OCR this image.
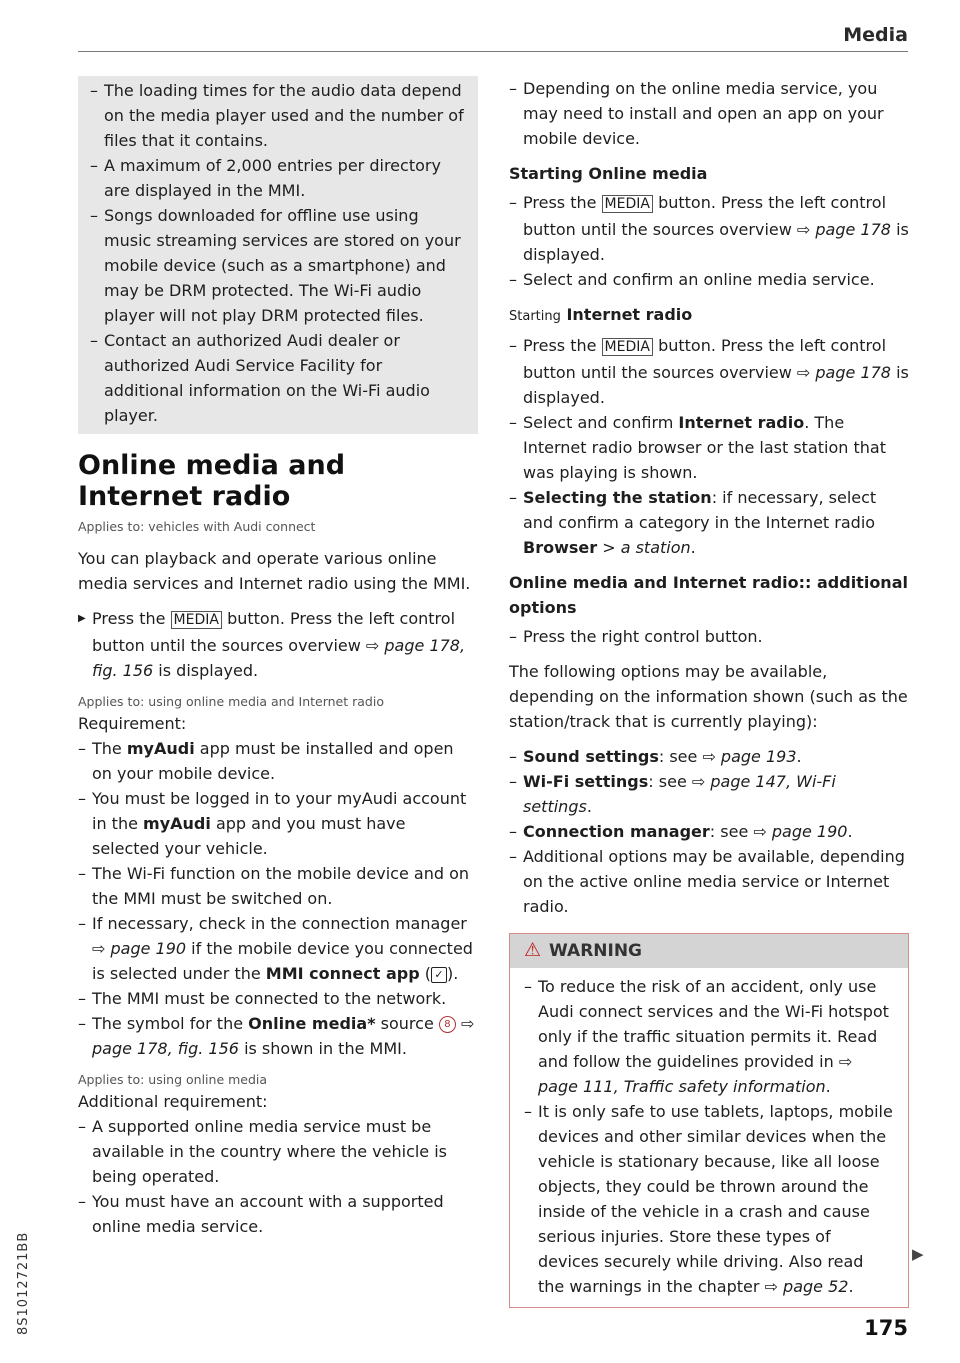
Media
8S1012721BB
– The loading times for the audio data depend on the media player used and the number of files that it contains.
– A maximum of 2,000 entries per directory are displayed in the MMI.
– Songs downloaded for offline use using music streaming services are stored on your mobile device (such as a smartphone) and may be DRM protected. The Wi-Fi audio player will not play DRM protected files.
– Contact an authorized Audi dealer or authorized Audi Service Facility for additional information on the Wi-Fi audio player.
Online media and
Internet radio
Applies to: vehicles with Audi connect

You can playback and operate various online media services and Internet radio using the MMI.

▶ Press the MEDIA button. Press the left control button until the sources overview ⇨ page 178, fig. 156 is displayed.

Applies to: using online media and Internet radio
Requirement:
– The myAudi app must be installed and open on your mobile device.
– You must be logged in to your myAudi account in the myAudi app and you must have selected your vehicle.
– The Wi-Fi function on the mobile device and on the MMI must be switched on.
– If necessary, check in the connection manager ⇨ page 190 if the mobile device you connected is selected under the MMI connect app ( ✓ ).
– The MMI must be connected to the network.
– The symbol for the Online media* source 8 ⇨ page 178, fig. 156 is shown in the MMI.
Applies to: using online media
Additional requirement:
– A supported online media service must be available in the country where the vehicle is being operated.
– You must have an account with a supported online media service.

– Depending on the online media service, you may need to install and open an app on your mobile device.

Starting Online media
– Press the MEDIA button. Press the left control button until the sources overview ⇨ page 178 is displayed.
– Select and confirm an online media service.
Starting Internet radio
– Press the MEDIA button. Press the left control button until the sources overview ⇨ page 178 is displayed.
– Select and confirm Internet radio. The Internet radio browser or the last station that was playing is shown.
– Selecting the station: if necessary, select and confirm a category in the Internet radio Browser > a station.
Online media and Internet radio:: additional options

– Press the right control button.

The following options may be available, depending on the information shown (such as the station/track that is currently playing):

– Sound settings: see ⇨ page 193.
– Wi-Fi settings: see ⇨ page 147, Wi-Fi settings.
– Connection manager: see ⇨ page 190.
– Additional options may be available, depending on the active online media service or Internet radio.
⚠ WARNING
– To reduce the risk of an accident, only use Audi connect services and the Wi-Fi hotspot only if the traffic situation permits it. Read and follow the guidelines provided in ⇨ page 111, Traffic safety information.
– It is only safe to use tablets, laptops, mobile devices and other similar devices when the vehicle is stationary because, like all loose objects, they could be thrown around the inside of the vehicle in a crash and cause serious injuries. Store these types of devices securely while driving. Also read the warnings in the chapter ⇨ page 52.
▶
175
